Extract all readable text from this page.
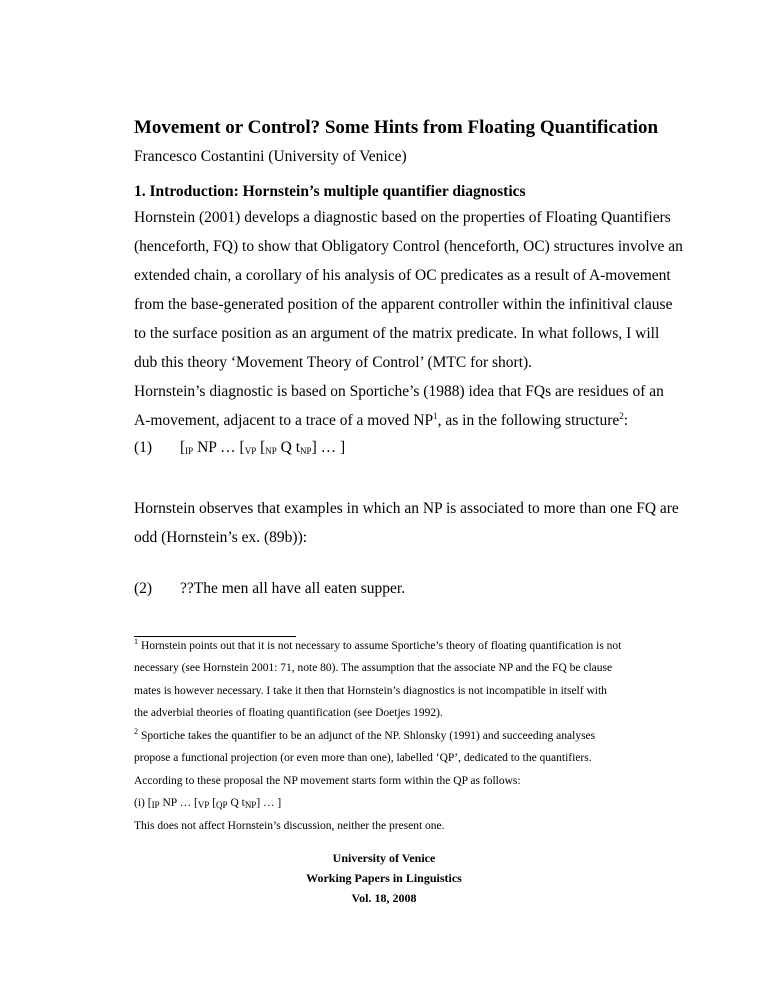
Movement or Control? Some Hints from Floating Quantification
Francesco Costantini (University of Venice)
1. Introduction: Hornstein’s multiple quantifier diagnostics
Hornstein (2001) develops a diagnostic based on the properties of Floating Quantifiers
(henceforth, FQ) to show that Obligatory Control (henceforth, OC) structures involve an
extended chain, a corollary of his analysis of OC predicates as a result of A-movement
from the base-generated position of the apparent controller within the infinitival clause
to the surface position as an argument of the matrix predicate. In what follows, I will
dub this theory ‘Movement Theory of Control’ (MTC for short).
Hornstein’s diagnostic is based on Sportiche’s (1988) idea that FQs are residues of an
A-movement, adjacent to a trace of a moved $NP^1$, as in the following structure$^2$:
(1) [$_{IP}$ NP … [$_{VP}$ [$_{NP}$ Q $t_{NP}$] … ]
Hornstein observes that examples in which an NP is associated to more than one FQ are
odd (Hornstein’s ex. (89b)):
(2) ??The men all have all eaten supper.
$^1$ Hornstein points out that it is not necessary to assume Sportiche’s theory of floating quantification is not
necessary (see Hornstein 2001: 71, note 80). The assumption that the associate NP and the FQ be clause
mates is however necessary. I take it then that Hornstein’s diagnostics is not incompatible in itself with
the adverbial theories of floating quantification (see Doetjes 1992).
$^2$ Sportiche takes the quantifier to be an adjunct of the NP. Shlonsky (1991) and succeeding analyses
propose a functional projection (or even more than one), labelled ‘QP’, dedicated to the quantifiers.
According to these proposal the NP movement starts form within the QP as follows:
(i) [$_{IP}$ NP … [$_{VP}$ [$_{QP}$ Q $t_{NP}$] … ]
This does not affect Hornstein’s discussion, neither the present one.
University of Venice
Working Papers in Linguistics
Vol. 18, 2008
